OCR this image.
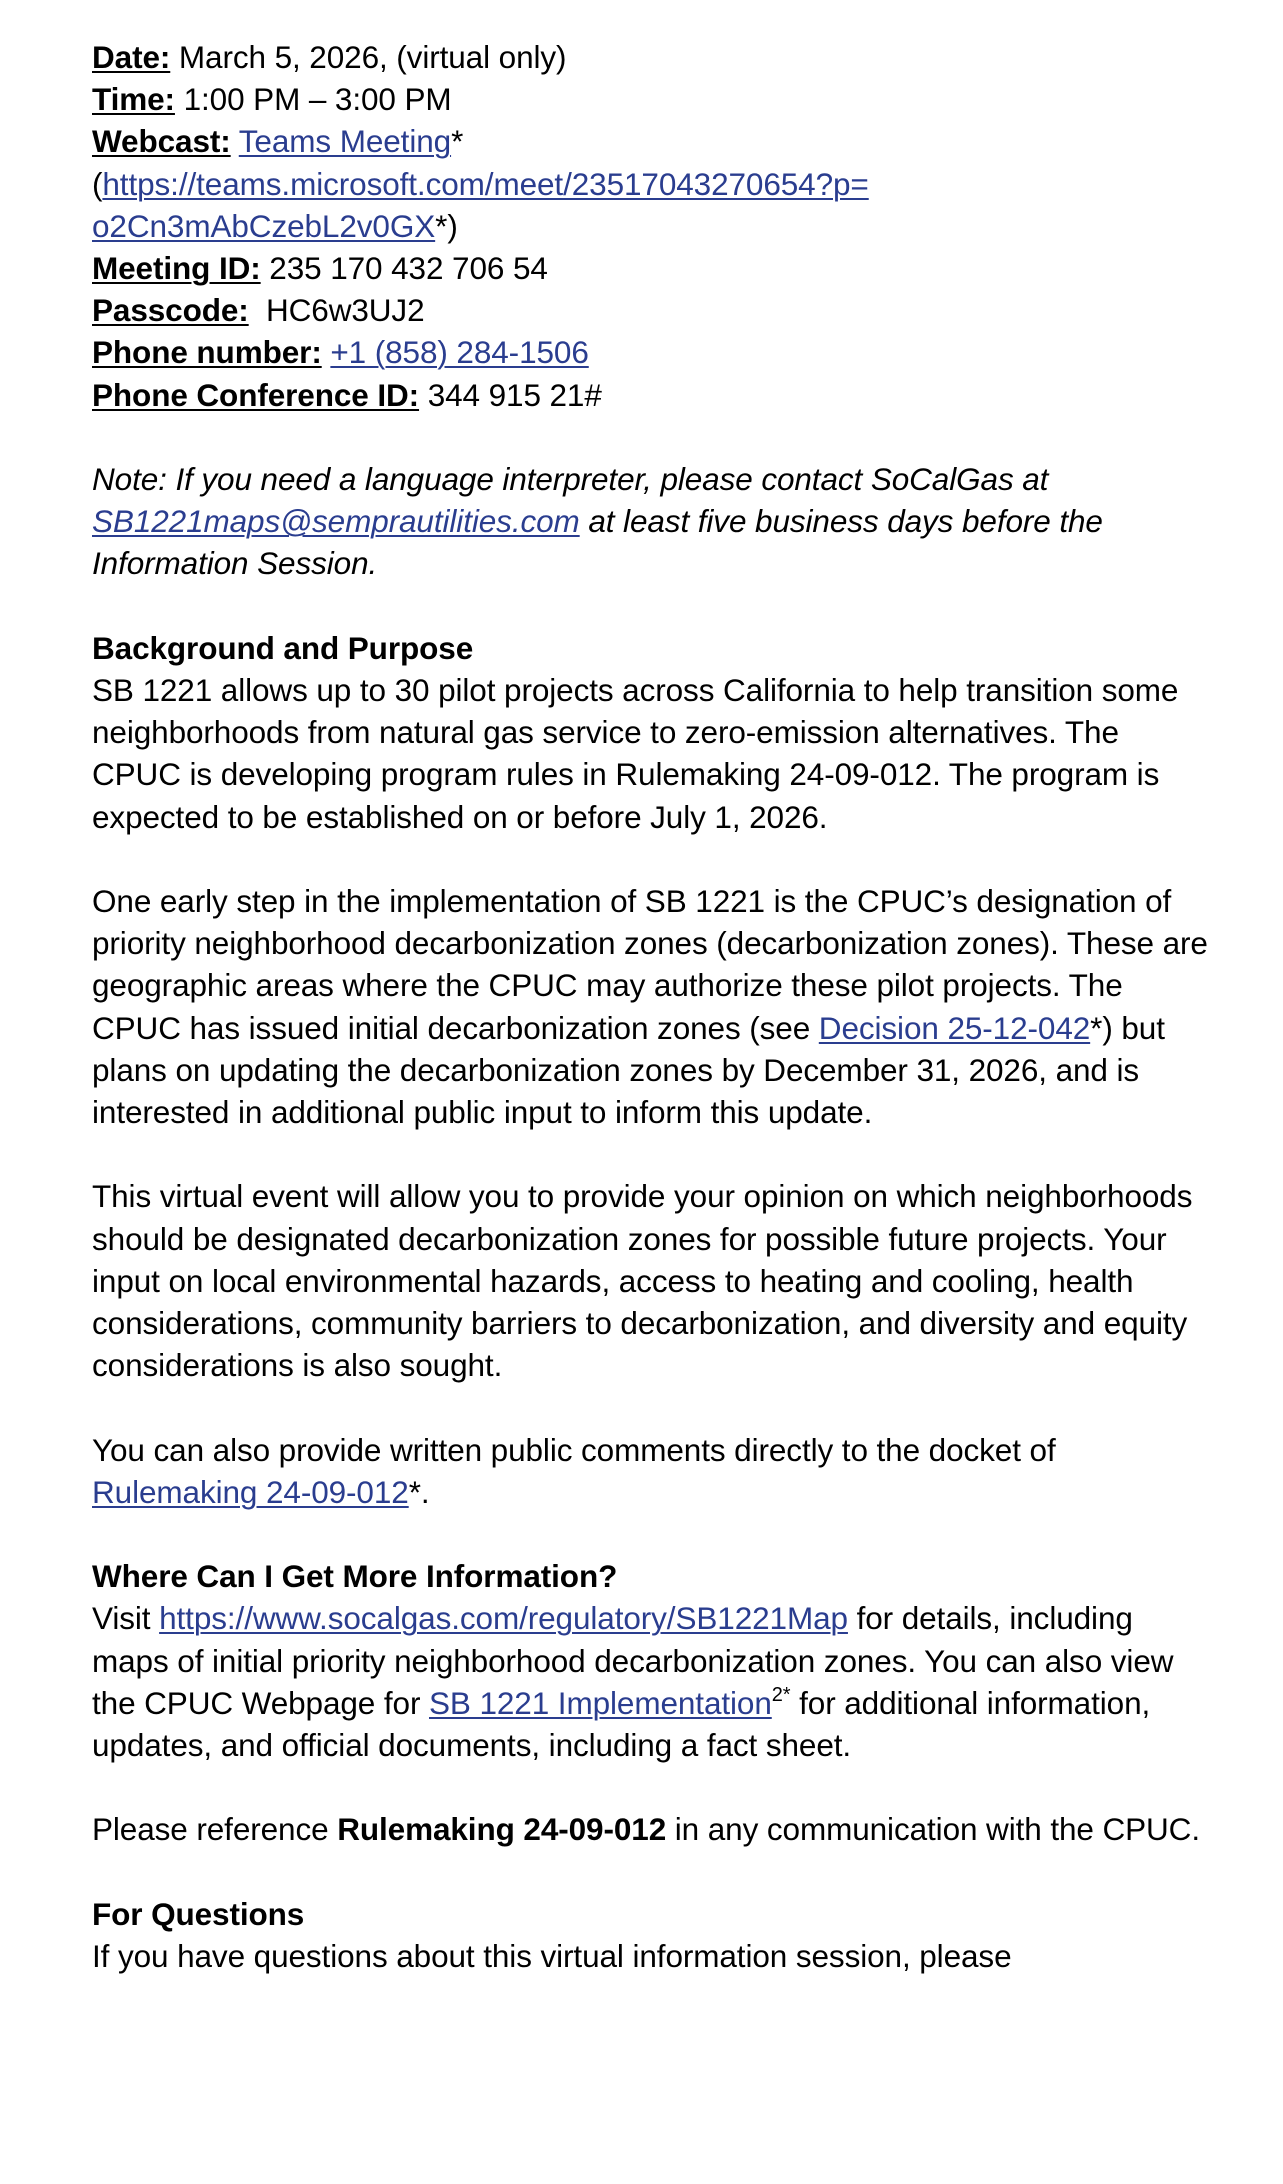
Date: March 5, 2026, (virtual only)
Time: 1:00 PM – 3:00 PM
Webcast: Teams Meeting*
(https://teams.microsoft.com/meet/23517043270654?p=
o2Cn3mAbCzebL2v0GX*)
Meeting ID: 235 170 432 706 54
Passcode:  HC6w3UJ2
Phone number: +1 (858) 284-1506
Phone Conference ID: 344 915 21#

Note: If you need a language interpreter, please contact SoCalGas at SB1221maps@semprautilities.com at least five business days before the Information Session.

Background and Purpose

SB 1221 allows up to 30 pilot projects across California to help transition some neighborhoods from natural gas service to zero-emission alternatives. The CPUC is developing program rules in Rulemaking 24-09-012. The program is expected to be established on or before July 1, 2026.

One early step in the implementation of SB 1221 is the CPUC’s designation of priority neighborhood decarbonization zones (decarbonization zones). These are geographic areas where the CPUC may authorize these pilot projects. The CPUC has issued initial decarbonization zones (see Decision 25-12-042*) but plans on updating the decarbonization zones by December 31, 2026, and is interested in additional public input to inform this update.

This virtual event will allow you to provide your opinion on which neighborhoods should be designated decarbonization zones for possible future projects. Your input on local environmental hazards, access to heating and cooling, health considerations, community barriers to decarbonization, and diversity and equity considerations is also sought.

You can also provide written public comments directly to the docket of Rulemaking 24-09-012*.

Where Can I Get More Information?

Visit https://www.socalgas.com/regulatory/SB1221Map for details, including maps of initial priority neighborhood decarbonization zones. You can also view the CPUC Webpage for SB 1221 Implementation$^{2*}$ for additional information, updates, and official documents, including a fact sheet.

Please reference Rulemaking 24-09-012 in any communication with the CPUC.

For Questions

If you have questions about this virtual information session, please
